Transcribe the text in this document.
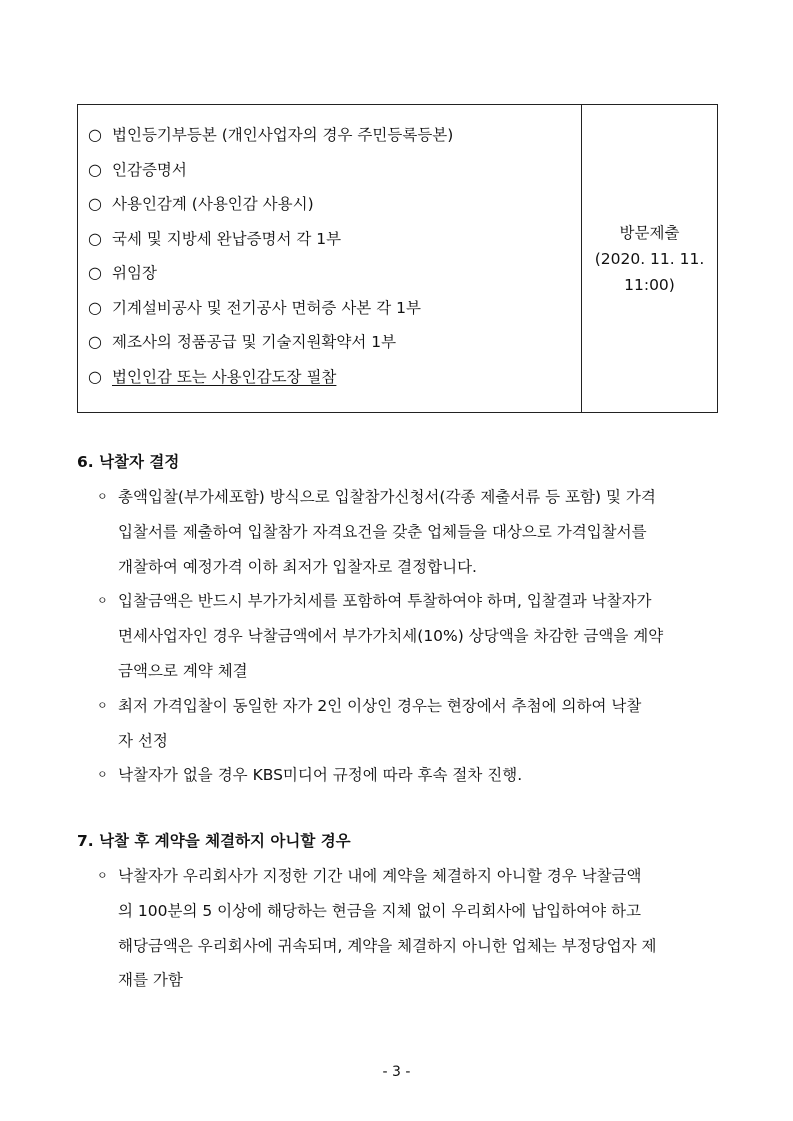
○ 법인등기부등본 (개인사업자의 경우 주민등록등본)
○ 인감증명서
○ 사용인감계 (사용인감 사용시)
○ 국세 및 지방세 완납증명서 각 1부
○ 위임장
○ 기계설비공사 및 전기공사 면허증 사본 각 1부
○ 제조사의 정품공급 및 기술지원확약서 1부
○ 법인인감 또는 사용인감도장 필참
방문제출
(2020. 11. 11.
11:00)
6. 낙찰자 결정
ㅇ 총액입찰(부가세포함) 방식으로 입찰참가신청서(각종 제출서류 등 포함) 및 가격
입찰서를 제출하여 입찰참가 자격요건을 갖춘 업체들을 대상으로 가격입찰서를
개찰하여 예정가격 이하 최저가 입찰자로 결정합니다.
ㅇ 입찰금액은 반드시 부가가치세를 포함하여 투찰하여야 하며, 입찰결과 낙찰자가
면세사업자인 경우 낙찰금액에서 부가가치세(10%) 상당액을 차감한 금액을 계약
금액으로 계약 체결
ㅇ 최저 가격입찰이 동일한 자가 2인 이상인 경우는 현장에서 추첨에 의하여 낙찰
자 선정
ㅇ 낙찰자가 없을 경우 KBS미디어 규정에 따라 후속 절차 진행.
7. 낙찰 후 계약을 체결하지 아니할 경우
ㅇ 낙찰자가 우리회사가 지정한 기간 내에 계약을 체결하지 아니할 경우 낙찰금액
의 100분의 5 이상에 해당하는 현금을 지체 없이 우리회사에 납입하여야 하고
해당금액은 우리회사에 귀속되며, 계약을 체결하지 아니한 업체는 부정당업자 제
재를 가함
- 3 -
